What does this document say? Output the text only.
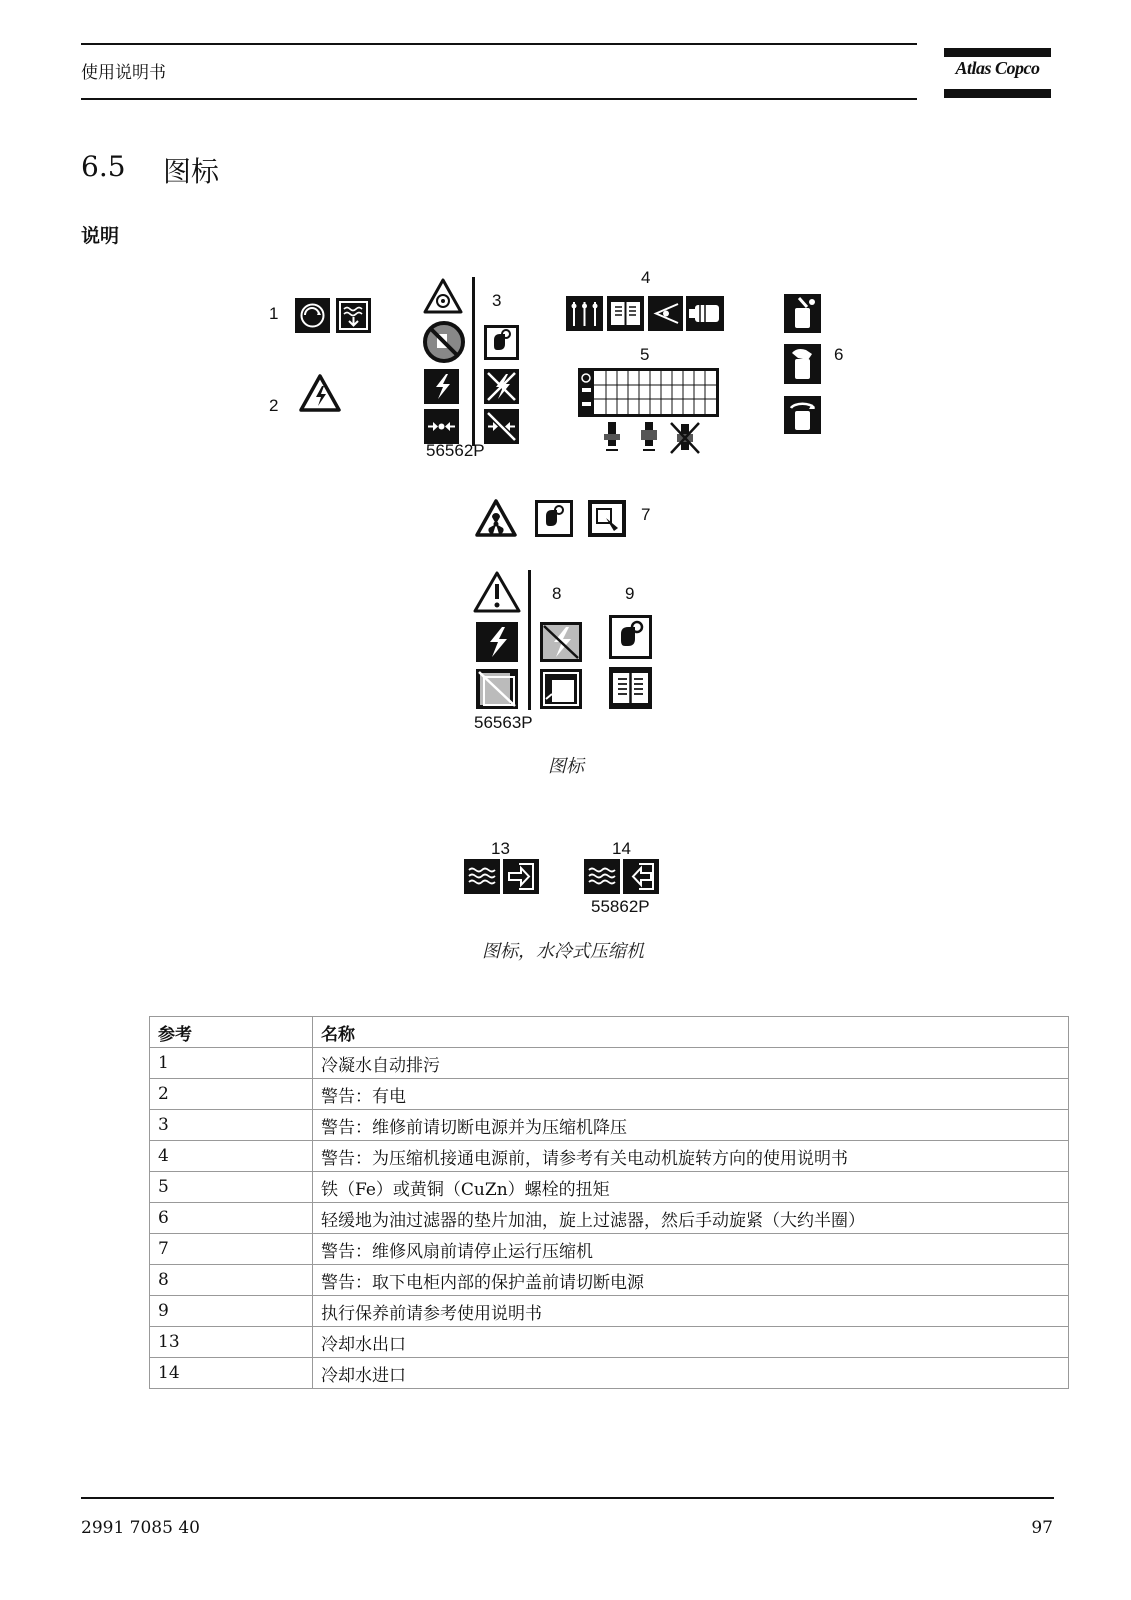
使用说明书	Atlas Copco
6.5 图标
说明
1
2
3
56562P
4
5	6
7
8
56563P
9
图标
13	14
55862P
图标，水冷式压缩机
参考	名称
1	冷凝水自动排污
2	警告：有电
3	警告：维修前请切断电源并为压缩机降压
4	警告：为压缩机接通电源前，请参考有关电动机旋转方向的使用说明书
5	铁（Fe）或黄铜（CuZn）螺栓的扭矩
6	轻缓地为油过滤器的垫片加油，旋上过滤器，然后手动旋紧（大约半圈）
7	警告：维修风扇前请停止运行压缩机
8	警告：取下电柜内部的保护盖前请切断电源
9	执行保养前请参考使用说明书
13	冷却水出口
14	冷却水进口
2991 7085 40	97
